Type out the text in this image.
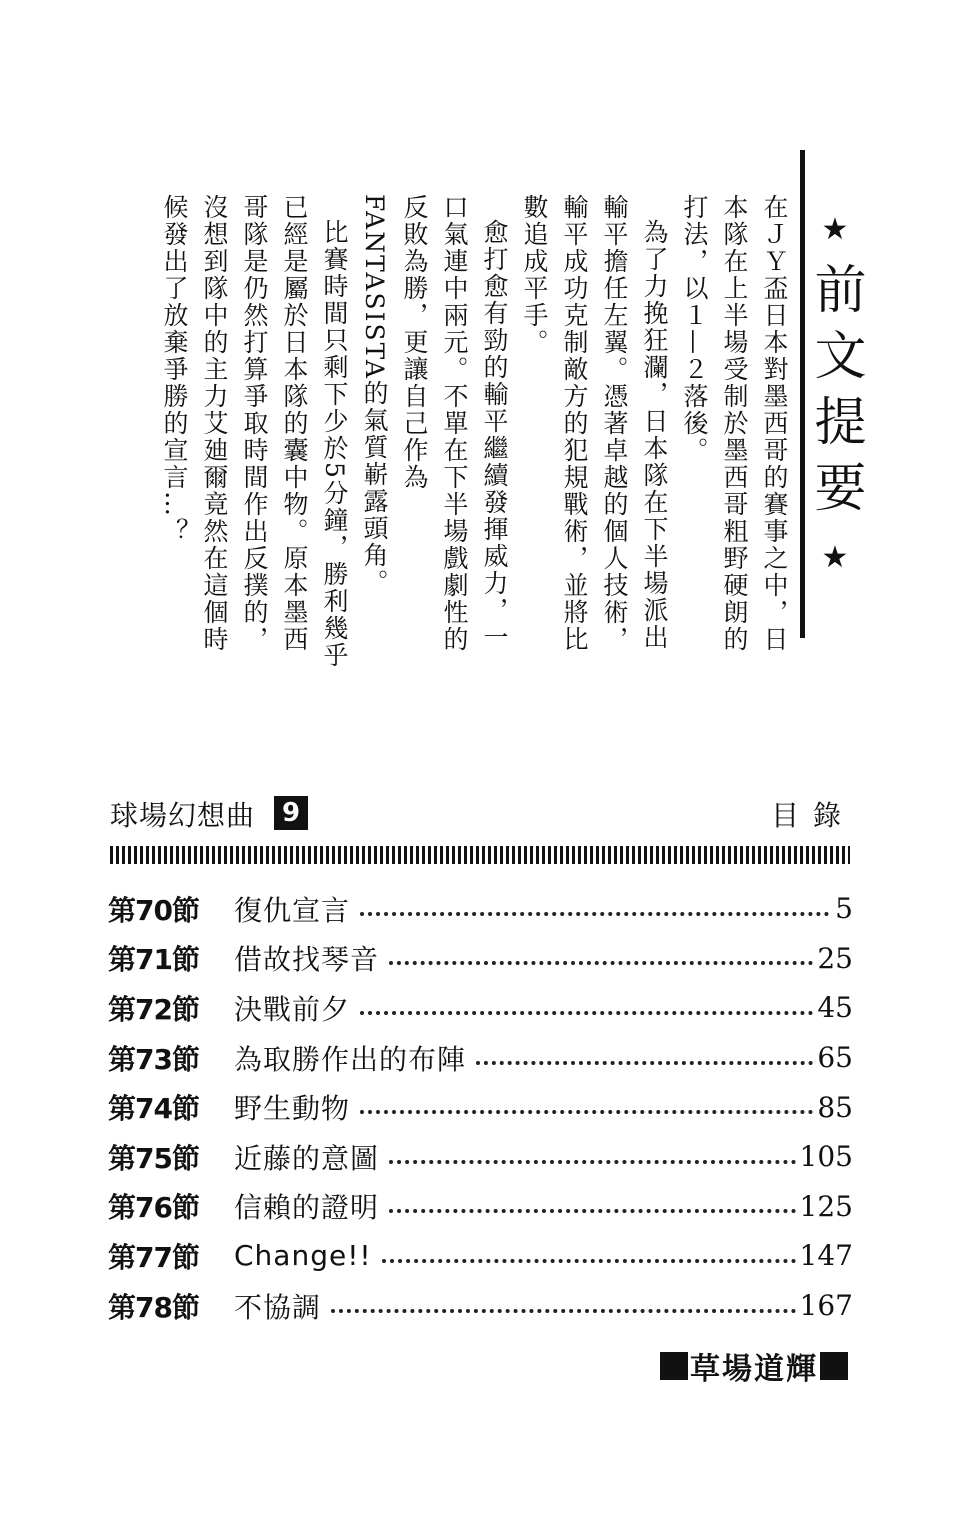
★
前文提要
★

在ＪＹ盃日本對墨西哥的賽事之中，日本隊在上半場受制於墨西哥粗野硬朗的打法，以１—２落後。

為了力挽狂瀾，日本隊在下半場派出輸平擔任左翼。憑著卓越的個人技術，輸平成功克制敵方的犯規戰術，並將比數追成平手。

愈打愈有勁的輸平繼續發揮威力，一口氣連中兩元。不單在下半場戲劇性的反敗為勝，更讓自己作為FANTASISTA的氣質嶄露頭角。

比賽時間只剩下少於5分鐘，勝利幾乎已經是屬於日本隊的囊中物。原本墨西哥隊是仍然打算爭取時間作出反撲的，沒想到隊中的主力艾廸爾竟然在這個時候發出了放棄爭勝的宣言…？

球場幻想曲	9	目錄
第70節	復仇宣言	5
第71節	借故找琴音	25
第72節	決戰前夕	45
第73節	為取勝作出的布陣	65
第74節	野生動物	85
第75節	近藤的意圖	105
第76節	信賴的證明	125
第77節	Change!!	147
第78節	不協調	167
草場道輝
